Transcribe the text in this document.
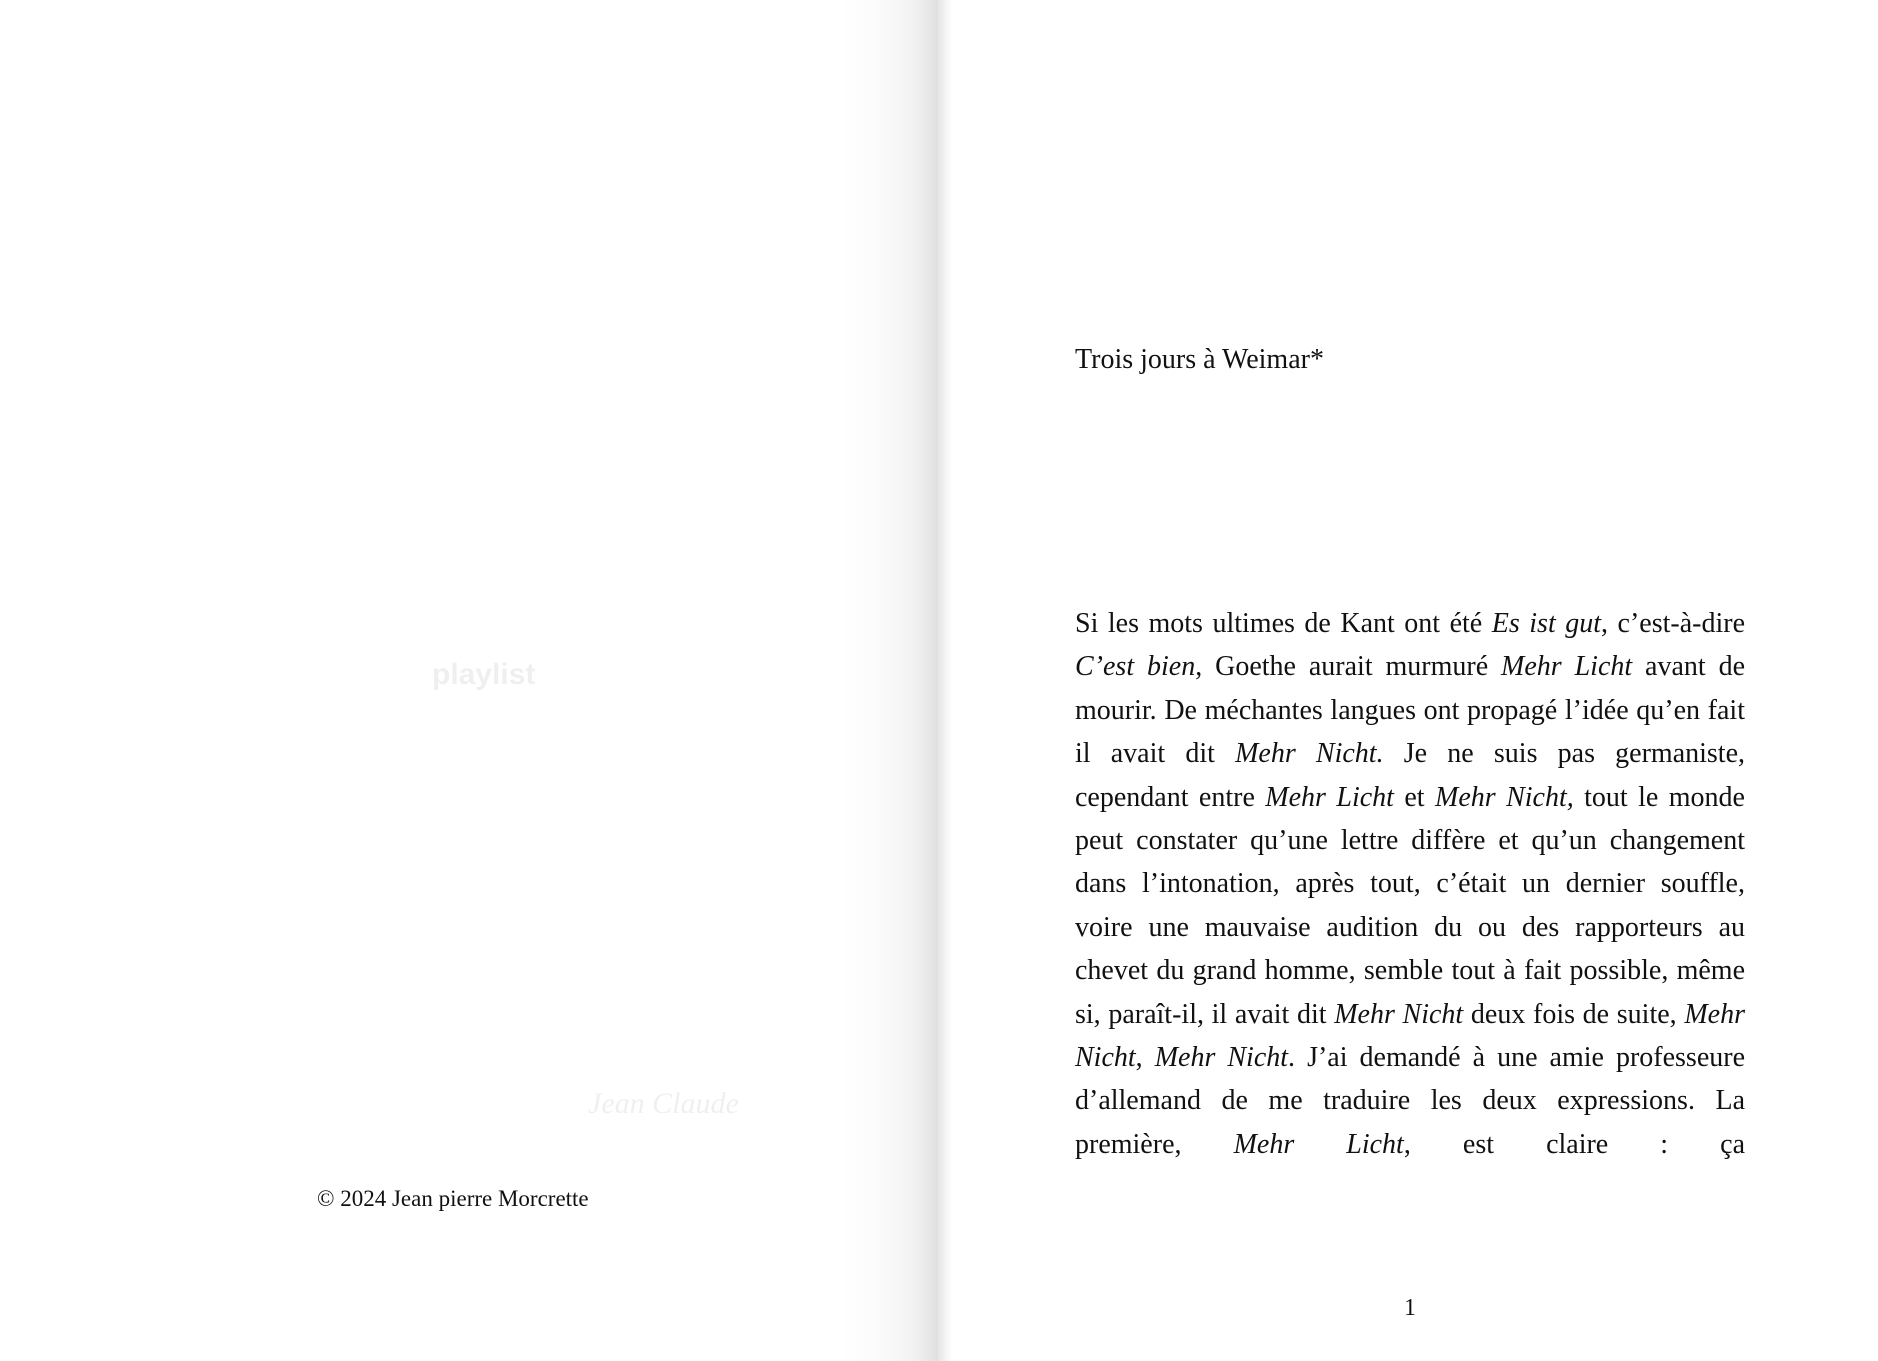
playlist
Jean Claude
© 2024 Jean pierre Morcrette
Trois jours à Weimar*

Si les mots ultimes de Kant ont été Es ist gut, c’est-à-dire C’est bien, Goethe aurait murmuré Mehr Licht avant de mourir. De méchantes langues ont propagé l’idée qu’en fait il avait dit Mehr Nicht. Je ne suis pas germaniste, cependant entre Mehr Licht et Mehr Nicht, tout le monde peut constater qu’une lettre diffère et qu’un changement dans l’intonation, après tout, c’était un dernier souffle, voire une mauvaise audition du ou des rapporteurs au chevet du grand homme, semble tout à fait possible, même si, paraît-il, il avait dit Mehr Nicht deux fois de suite, Mehr Nicht, Mehr Nicht. J’ai demandé à une amie professeure d’allemand de me traduire les deux expressions. La première, Mehr Licht, est claire : ça

1
